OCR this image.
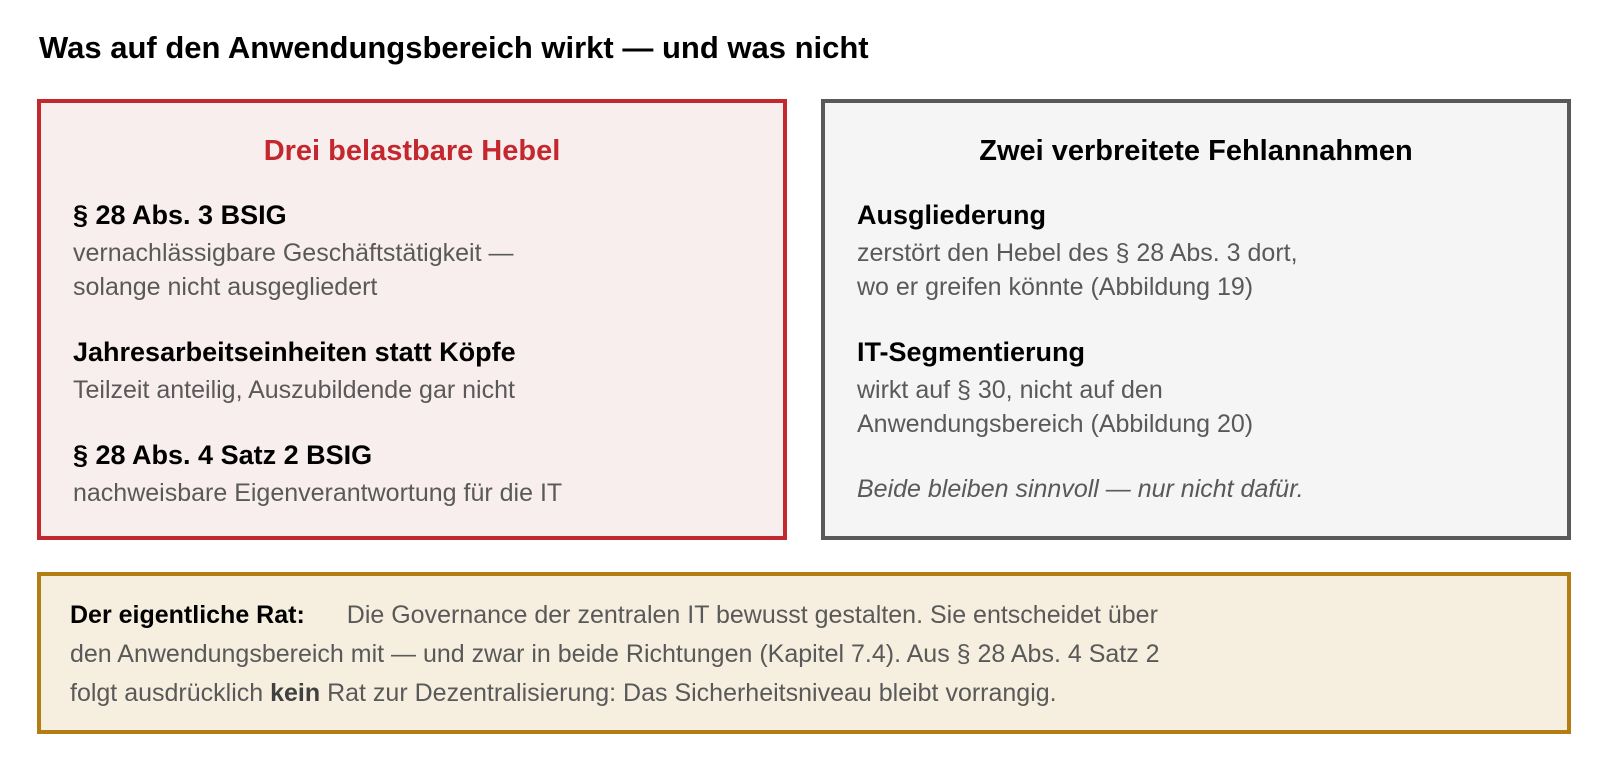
Was auf den Anwendungsbereich wirkt — und was nicht
Drei belastbare Hebel
§ 28 Abs. 3 BSIG
vernachlässigbare Geschäftstätigkeit —
solange nicht ausgegliedert
Jahresarbeitseinheiten statt Köpfe
Teilzeit anteilig, Auszubildende gar nicht
§ 28 Abs. 4 Satz 2 BSIG
nachweisbare Eigenverantwortung für die IT
Zwei verbreitete Fehlannahmen
Ausgliederung
zerstört den Hebel des § 28 Abs. 3 dort,
wo er greifen könnte (Abbildung 19)
IT-Segmentierung
wirkt auf § 30, nicht auf den
Anwendungsbereich (Abbildung 20)
Beide bleiben sinnvoll — nur nicht dafür.
Der eigentliche Rat: Die Governance der zentralen IT bewusst gestalten. Sie entscheidet über
den Anwendungsbereich mit — und zwar in beide Richtungen (Kapitel 7.4). Aus § 28 Abs. 4 Satz 2
folgt ausdrücklich kein Rat zur Dezentralisierung: Das Sicherheitsniveau bleibt vorrangig.
